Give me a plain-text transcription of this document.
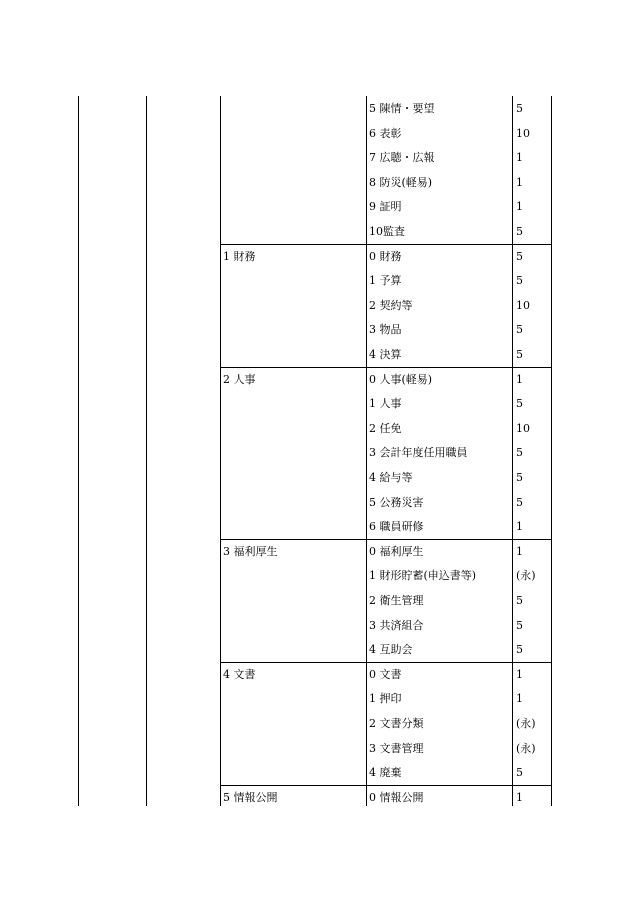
5 陳情・要望	5
6 表彰	10
7 広聴・広報	1
8 防災(軽易)	1
9 証明	1
10監査	5
1 財務	0 財務	5
1 予算	5
2 契約等	10
3 物品	5
4 決算	5
2 人事	0 人事(軽易)	1
1 人事	5
2 任免	10
3 会計年度任用職員	5
4 給与等	5
5 公務災害	5
6 職員研修	1
3 福利厚生	0 福利厚生	1
1 財形貯蓄(申込書等)	(永)
2 衛生管理	5
3 共済組合	5
4 互助会	5
4 文書	0 文書	1
1 押印	1
2 文書分類	(永)
3 文書管理	(永)
4 廃棄	5
5 情報公開	0 情報公開	1
